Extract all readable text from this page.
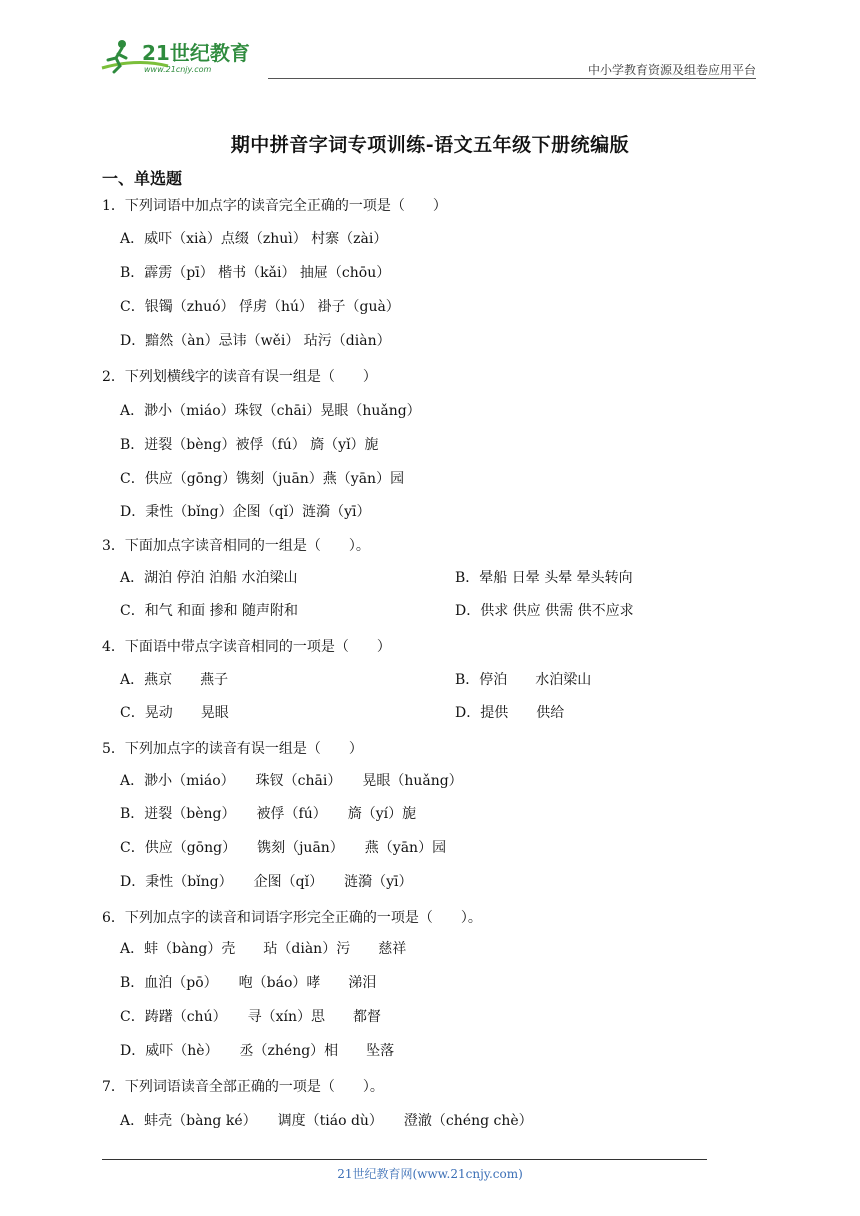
21世纪教育
www.21cnjy.com	中小学教育资源及组卷应用平台
期中拼音字词专项训练-语文五年级下册统编版
一、单选题
1．下列词语中加点字的读音完全正确的一项是（　　）
A．威吓（xià）点缀（zhuì） 村寨（zài）
B．霹雳（pī） 楷书（kǎi） 抽屉（chōu）
C．银镯（zhuó） 俘虏（hú） 褂子（guà）
D．黯然（àn）忌讳（wěi） 玷污（diàn）
2．下列划横线字的读音有误一组是（　　）
A．渺小（miáo）珠钗（chāi）晃眼（huǎng）
B．迸裂（bèng）被俘（fú） 旖（yǐ）旎
C．供应（gōng）镌刻（juān）燕（yān）园
D．秉性（bǐng）企图（qǐ）涟漪（yī）
3．下面加点字读音相同的一组是（　　）。
A．湖泊 停泊 泊船 水泊梁山	B．晕船 日晕 头晕 晕头转向
C．和气 和面 掺和 随声附和	D．供求 供应 供需 供不应求
4．下面语中带点字读音相同的一项是（　　）
A．燕京　　燕子	B．停泊　　水泊梁山
C．晃动　　晃眼	D．提供　　供给
5．下列加点字的读音有误一组是（　　）
A．渺小（miáo）　　珠钗（chāi）　　晃眼（huǎng）
B．迸裂（bèng）　　被俘（fú）　　旖（yí）旎
C．供应（gōng）　　镌刻（juān）　　燕（yān）园
D．秉性（bǐng）　　企图（qǐ）　　涟漪（yī）
6．下列加点字的读音和词语字形完全正确的一项是（　　）。
A．蚌（bàng）壳　　玷（diàn）污　　慈祥
B．血泊（pō）　　咆（báo）哮　　涕泪
C．踌躇（chú）　　寻（xín）思　　都督
D．威吓（hè）　　丞（zhéng）相　　坠落
7．下列词语读音全部正确的一项是（　　）。
A．蚌壳（bàng ké）　　调度（tiáo dù）　　澄澈（chéng chè）
21世纪教育网(www.21cnjy.com)
